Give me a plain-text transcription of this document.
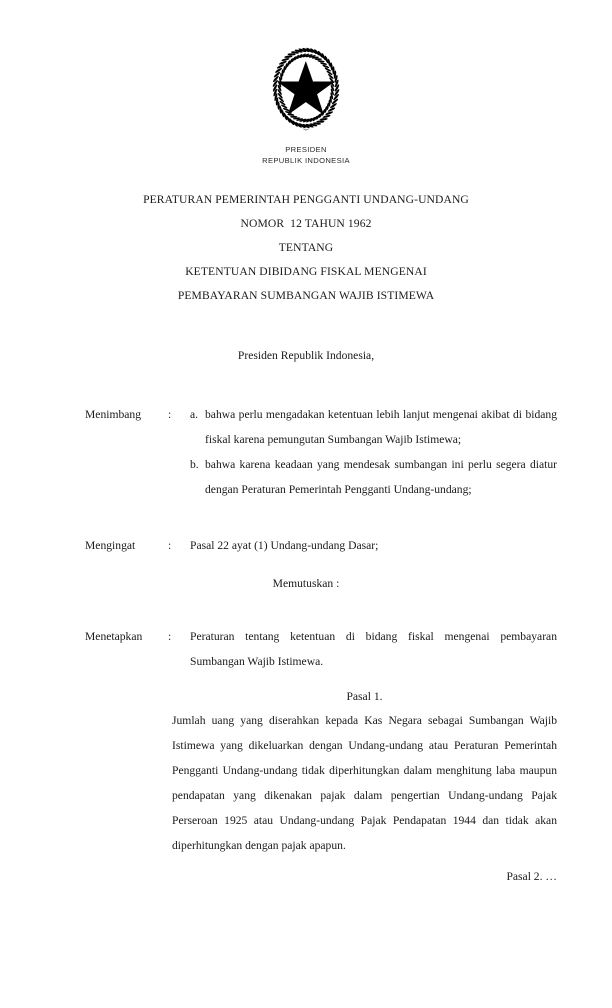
PRESIDEN
REPUBLIK INDONESIA
PERATURAN PEMERINTAH PENGGANTI UNDANG-UNDANG
NOMOR  12 TAHUN 1962
TENTANG
KETENTUAN DIBIDANG FISKAL MENGENAI
PEMBAYARAN SUMBANGAN WAJIB ISTIMEWA
Presiden Republik Indonesia,
Menimbang	:	a. bahwa perlu mengadakan ketentuan lebih lanjut mengenai akibat di bidang fiskal karena pemungutan Sumbangan Wajib Istimewa;
b. bahwa karena keadaan yang mendesak sumbangan ini perlu segera diatur dengan Peraturan Pemerintah Pengganti Undang-undang;
Mengingat	:	Pasal 22 ayat (1) Undang-undang Dasar;
Memutuskan :
Menetapkan	:	Peraturan tentang ketentuan di bidang fiskal mengenai pembayaran Sumbangan Wajib Istimewa.
Pasal 1.
Jumlah uang yang diserahkan kepada Kas Negara sebagai Sumbangan Wajib Istimewa yang dikeluarkan dengan Undang-undang atau Peraturan Pemerintah Pengganti Undang-undang tidak diperhitungkan dalam menghitung laba maupun pendapatan yang dikenakan pajak dalam pengertian Undang-undang Pajak Perseroan 1925 atau Undang-undang Pajak Pendapatan 1944 dan tidak akan diperhitungkan dengan pajak apapun.
Pasal 2. …
